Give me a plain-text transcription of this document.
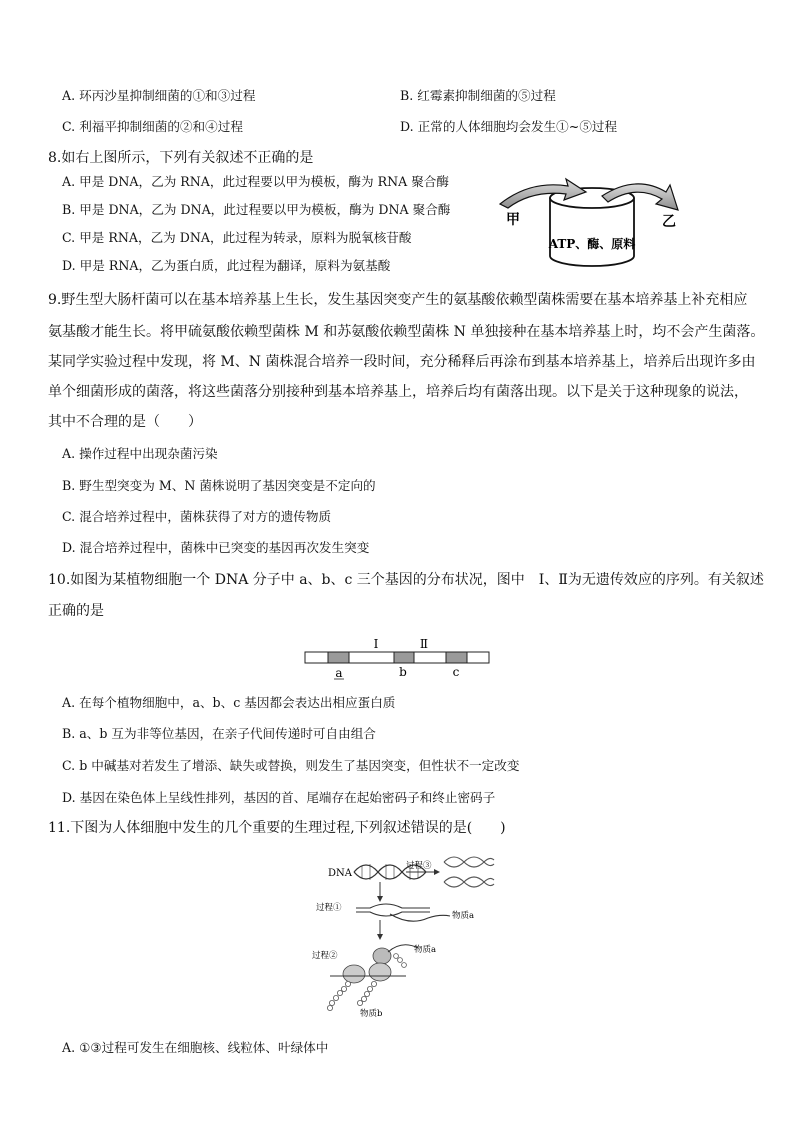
A. 环丙沙星抑制细菌的①和③过程	B. 红霉素抑制细菌的⑤过程
C. 利福平抑制细菌的②和④过程	D. 正常的人体细胞均会发生①~⑤过程
8.如右上图所示，下列有关叙述不正确的是
A. 甲是 DNA，乙为 RNA，此过程要以甲为模板，酶为 RNA 聚合酶
B. 甲是 DNA，乙为 DNA，此过程要以甲为模板，酶为 DNA 聚合酶
C. 甲是 RNA，乙为 DNA，此过程为转录，原料为脱氧核苷酸
D. 甲是 RNA，乙为蛋白质，此过程为翻译，原料为氨基酸
甲	乙
ATP、酶、原料
9.野生型大肠杆菌可以在基本培养基上生长，发生基因突变产生的氨基酸依赖型菌株需要在基本培养基上补充相应
氨基酸才能生长。将甲硫氨酸依赖型菌株 M 和苏氨酸依赖型菌株 N 单独接种在基本培养基上时，均不会产生菌落。
某同学实验过程中发现，将 M、N 菌株混合培养一段时间，充分稀释后再涂布到基本培养基上，培养后出现许多由
单个细菌形成的菌落，将这些菌落分别接种到基本培养基上，培养后均有菌落出现。以下是关于这种现象的说法，
其中不合理的是（　　）
A. 操作过程中出现杂菌污染
B. 野生型突变为 M、N 菌株说明了基因突变是不定向的
C. 混合培养过程中，菌株获得了对方的遗传物质
D. 混合培养过程中，菌株中已突变的基因再次发生突变
10.如图为某植物细胞一个 DNA 分子中 a、b、c 三个基因的分布状况，图中　Ⅰ、Ⅱ为无遗传效应的序列。有关叙述
正确的是
Ⅰ	Ⅱ
a	b	c
A. 在每个植物细胞中，a、b、c 基因都会表达出相应蛋白质
B. a、b 互为非等位基因，在亲子代间传递时可自由组合
C. b 中碱基对若发生了增添、缺失或替换，则发生了基因突变，但性状不一定改变
D. 基因在染色体上呈线性排列，基因的首、尾端存在起始密码子和终止密码子
11.下图为人体细胞中发生的几个重要的生理过程,下列叙述错误的是(　　)
DNA
过程③
过程①
物质a
物质a
过程②
物质b
A. ①③过程可发生在细胞核、线粒体、叶绿体中
